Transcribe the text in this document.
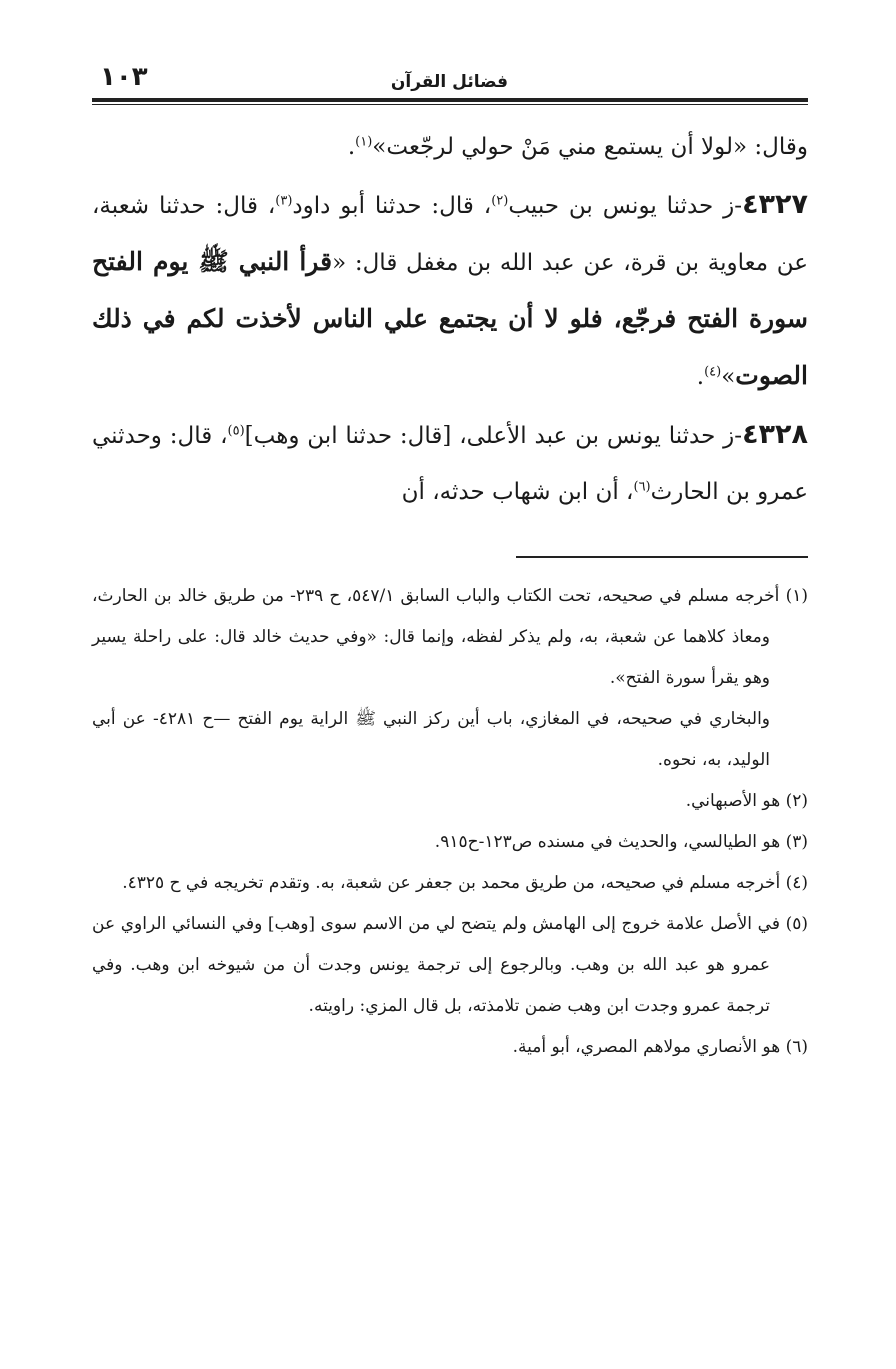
فضائل القرآن
١٠٣

وقال: «لولا أن يستمع مني مَنْ حولي لرجّعت»$^{(١)}$.

٤٣٢٧-ز حدثنا يونس بن حبيب$^{(٢)}$، قال: حدثنا أبو داود$^{(٣)}$، قال: حدثنا شعبة، عن معاوية بن قرة، عن عبد الله بن مغفل قال: «قرأ النبي ﷺ يوم الفتح سورة الفتح فرجّع، فلو لا أن يجتمع علي الناس لأخذت لكم في ذلك الصوت»$^{(٤)}$.

٤٣٢٨-ز حدثنا يونس بن عبد الأعلى، [قال: حدثنا ابن وهب]$^{(٥)}$، قال: وحدثني عمرو بن الحارث$^{(٦)}$، أن ابن شهاب حدثه، أن

(١) أخرجه مسلم في صحيحه، تحت الكتاب والباب السابق ٥٤٧/١، ح ٢٣٩- من طريق خالد بن الحارث، ومعاذ كلاهما عن شعبة، به، ولم يذكر لفظه، وإنما قال: «وفي حديث خالد قال: على راحلة يسير وهو يقرأ سورة الفتح».

والبخاري في صحيحه، في المغازي، باب أين ركز النبي ﷺ الراية يوم الفتح —ح ٤٢٨١- عن أبي الوليد، به، نحوه.

(٢) هو الأصبهاني.

(٣) هو الطيالسي، والحديث في مسنده ص١٢٣-ح٩١٥.

(٤) أخرجه مسلم في صحيحه، من طريق محمد بن جعفر عن شعبة، به. وتقدم تخريجه في ح ٤٣٢٥.

(٥) في الأصل علامة خروج إلى الهامش ولم يتضح لي من الاسم سوى [وهب] وفي النسائي الراوي عن عمرو هو عبد الله بن وهب. وبالرجوع إلى ترجمة يونس وجدت أن من شيوخه ابن وهب. وفي ترجمة عمرو وجدت ابن وهب ضمن تلامذته، بل قال المزي: راويته.

(٦) هو الأنصاري مولاهم المصري، أبو أمية.
